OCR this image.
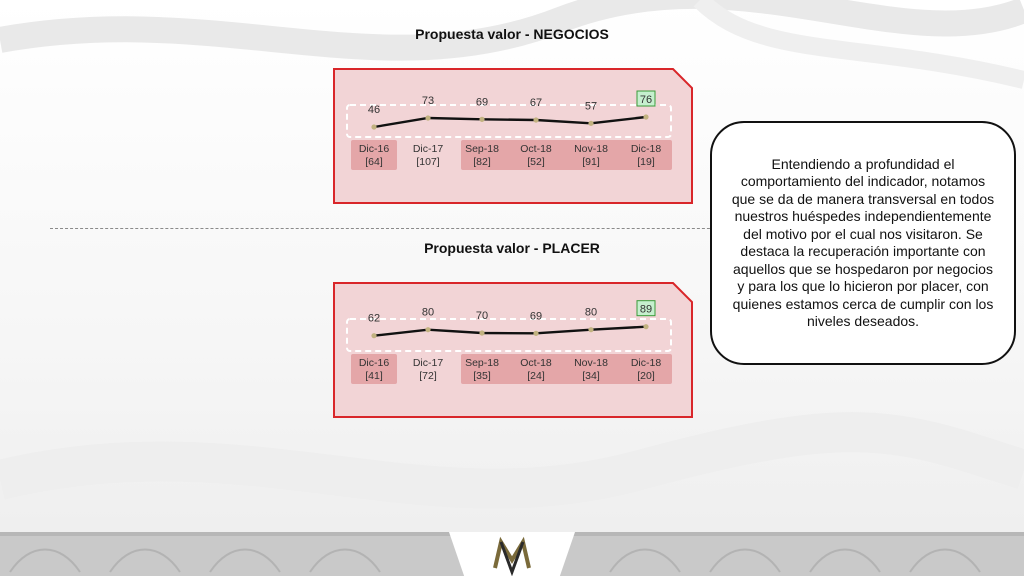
Propuesta valor - NEGOCIOS
46
Dic-16
[64]
73
Dic-17
[107]
69
Sep-18
[82]
67
Oct-18
[52]
57
Nov-18
[91]
76
Dic-18
[19]
Propuesta valor - PLACER
62
Dic-16
[41]
80
Dic-17
[72]
70
Sep-18
[35]
69
Oct-18
[24]
80
Nov-18
[34]
89
Dic-18
[20]

Entendiendo a profundidad el comportamiento del indicador, notamos que se da de manera transversal en todos nuestros huéspedes independientemente del motivo por el cual nos visitaron. Se destaca la recuperación importante con aquellos que se hospedaron por negocios y para los que lo hicieron por placer, con quienes estamos cerca de cumplir con los niveles deseados.
